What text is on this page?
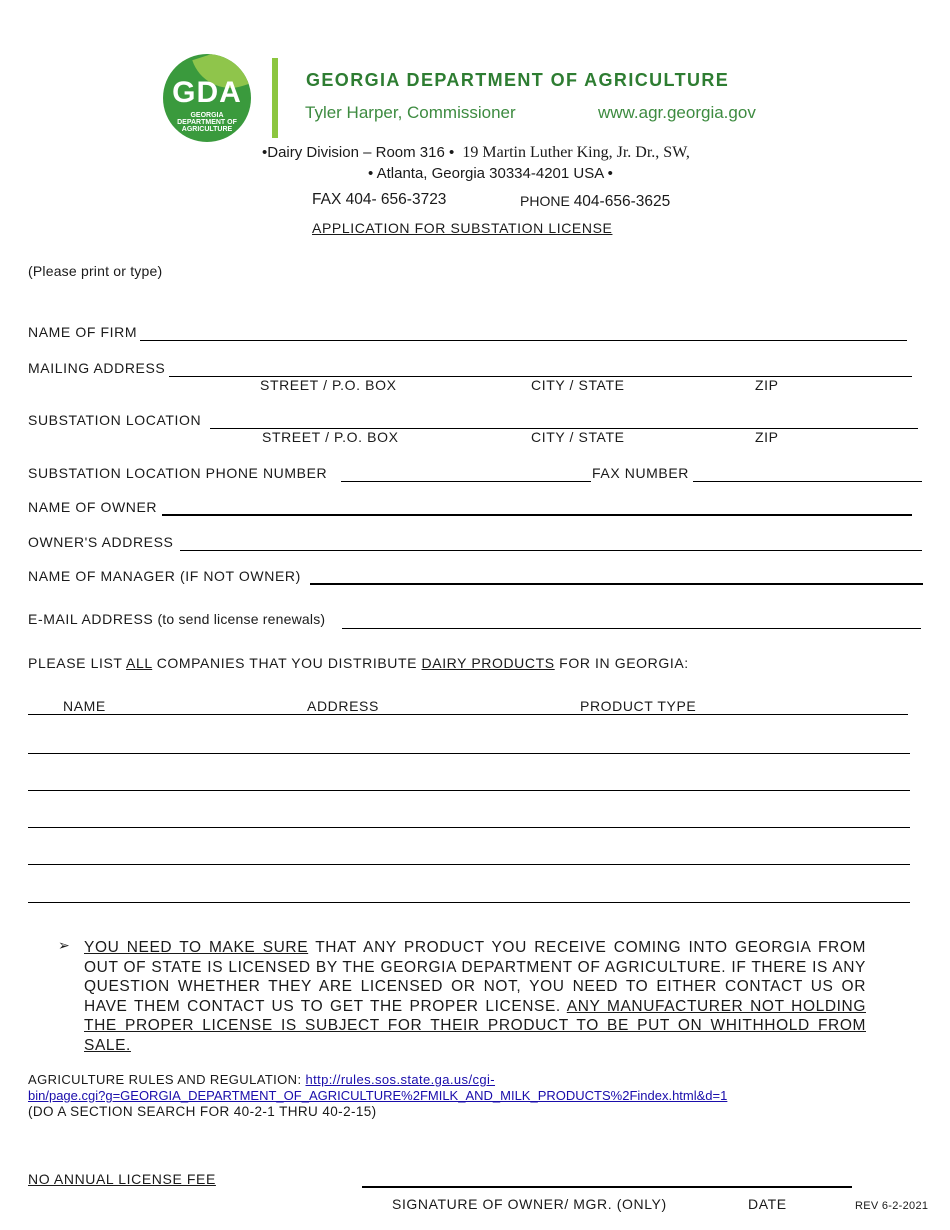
GDA
GEORGIA DEPARTMENT OF AGRICULTURE
GEORGIA DEPARTMENT OF AGRICULTURE
Tyler Harper, Commissioner	www.agr.georgia.gov
•Dairy Division – Room 316 • 19 Martin Luther King, Jr. Dr., SW,
• Atlanta, Georgia 30334-4201 USA •
FAX 404- 656-3723	PHONE 404-656-3625
APPLICATION FOR SUBSTATION LICENSE
(Please print or type)
NAME OF FIRM
MAILING ADDRESS
STREET / P.O. BOX	CITY / STATE	ZIP
SUBSTATION LOCATION
STREET / P.O. BOX	CITY / STATE	ZIP
SUBSTATION LOCATION PHONE NUMBER	FAX NUMBER
NAME OF OWNER
OWNER'S ADDRESS
NAME OF MANAGER (IF NOT OWNER)
E-MAIL ADDRESS (to send license renewals)
PLEASE LIST ALL COMPANIES THAT YOU DISTRIBUTE DAIRY PRODUCTS FOR IN GEORGIA:
NAME	ADDRESS	PRODUCT TYPE
➢ YOU NEED TO MAKE SURE THAT ANY PRODUCT YOU RECEIVE COMING INTO GEORGIA FROM OUT OF STATE IS LICENSED BY THE GEORGIA DEPARTMENT OF AGRICULTURE. IF THERE IS ANY QUESTION WHETHER THEY ARE LICENSED OR NOT, YOU NEED TO EITHER CONTACT US OR HAVE THEM CONTACT US TO GET THE PROPER LICENSE. ANY MANUFACTURER NOT HOLDING THE PROPER LICENSE IS SUBJECT FOR THEIR PRODUCT TO BE PUT ON WHITHHOLD FROM SALE.
AGRICULTURE RULES AND REGULATION: http://rules.sos.state.ga.us/cgi-
bin/page.cgi?g=GEORGIA_DEPARTMENT_OF_AGRICULTURE%2FMILK_AND_MILK_PRODUCTS%2Findex.html&d=1
(DO A SECTION SEARCH FOR 40-2-1 THRU 40-2-15)
NO ANNUAL LICENSE FEE
SIGNATURE OF OWNER/ MGR. (ONLY)	DATE	REV 6-2-2021
